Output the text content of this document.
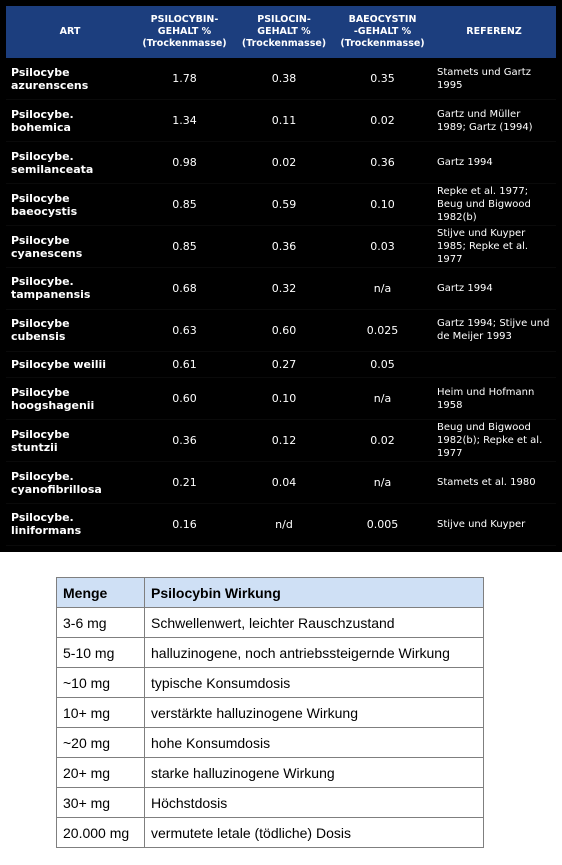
ART	PSILOCYBIN-
GEHALT %
(Trockenmasse)	PSILOCIN-
GEHALT %
(Trockenmasse)	BAEOCYSTIN
-GEHALT %
(Trockenmasse)	REFERENZ
Psilocybe
azurenscens	1.78	0.38	0.35	Stamets und Gartz 1995
Psilocybe.
bohemica	1.34	0.11	0.02	Gartz und Müller 1989; Gartz (1994)
Psilocybe.
semilanceata	0.98	0.02	0.36	Gartz 1994
Psilocybe
baeocystis	0.85	0.59	0.10	Repke et al. 1977; Beug und Bigwood 1982(b)
Psilocybe
cyanescens	0.85	0.36	0.03	Stijve und Kuyper 1985; Repke et al. 1977
Psilocybe.
tampanensis	0.68	0.32	n/a	Gartz 1994
Psilocybe
cubensis	0.63	0.60	0.025	Gartz 1994; Stijve und de Meijer 1993
Psilocybe weilii	0.61	0.27	0.05	
Psilocybe
hoogshagenii	0.60	0.10	n/a	Heim und Hofmann 1958
Psilocybe
stuntzii	0.36	0.12	0.02	Beug und Bigwood 1982(b); Repke et al. 1977
Psilocybe.
cyanofibrillosa	0.21	0.04	n/a	Stamets et al. 1980
Psilocybe.
liniformans	0.16	n/d	0.005	Stijve und Kuyper
Menge	Psilocybin Wirkung
3-6 mg	Schwellenwert, leichter Rauschzustand
5-10 mg	halluzinogene, noch antriebssteigernde Wirkung
~10 mg	typische Konsumdosis
10+ mg	verstärkte halluzinogene Wirkung
~20 mg	hohe Konsumdosis
20+ mg	starke halluzinogene Wirkung
30+ mg	Höchstdosis
20.000 mg	vermutete letale (tödliche) Dosis
